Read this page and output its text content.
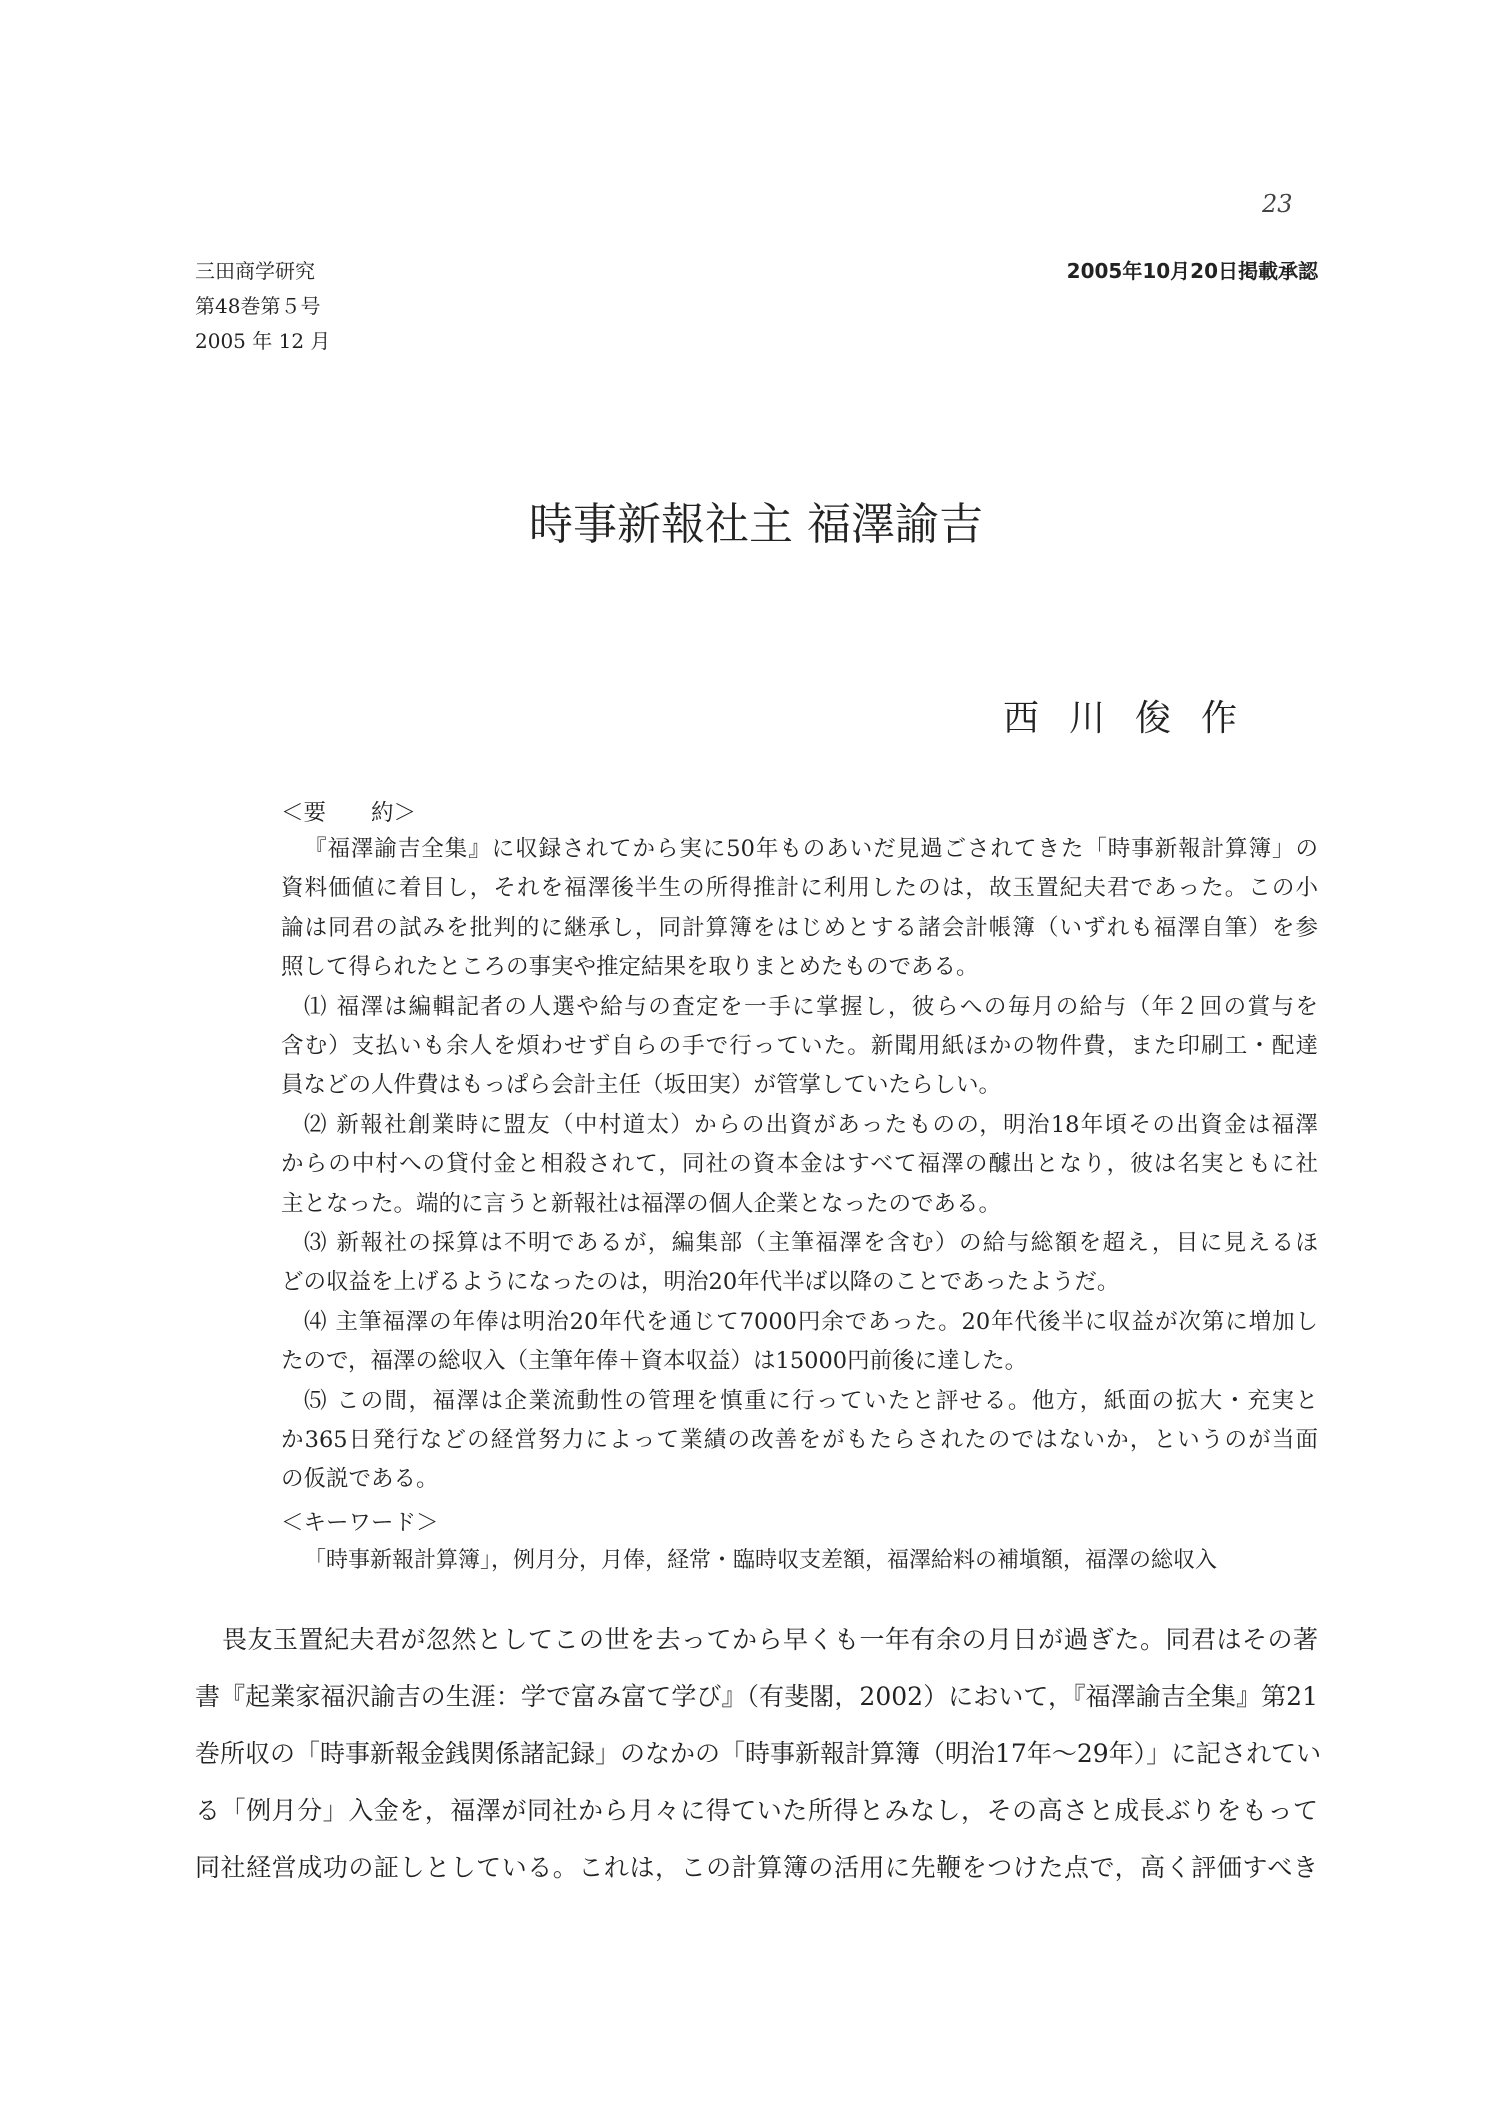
23
三田商学研究
第48巻第５号
2005 年 12 月
2005年10月20日掲載承認
時事新報社主 福澤諭吉
西川俊作
＜要　　約＞
『福澤諭吉全集』に収録されてから実に50年ものあいだ見過ごされてきた「時事新報計算簿」の
資料価値に着目し，それを福澤後半生の所得推計に利用したのは，故玉置紀夫君であった。この小
論は同君の試みを批判的に継承し，同計算簿をはじめとする諸会計帳簿（いずれも福澤自筆）を参
照して得られたところの事実や推定結果を取りまとめたものである。
⑴ 福澤は編輯記者の人選や給与の査定を一手に掌握し，彼らへの毎月の給与（年２回の賞与を
含む）支払いも余人を煩わせず自らの手で行っていた。新聞用紙ほかの物件費，また印刷工・配達
員などの人件費はもっぱら会計主任（坂田実）が管掌していたらしい。
⑵ 新報社創業時に盟友（中村道太）からの出資があったものの，明治18年頃その出資金は福澤
からの中村への貸付金と相殺されて，同社の資本金はすべて福澤の醵出となり，彼は名実ともに社
主となった。端的に言うと新報社は福澤の個人企業となったのである。
⑶ 新報社の採算は不明であるが，編集部（主筆福澤を含む）の給与総額を超え，目に見えるほ
どの収益を上げるようになったのは，明治20年代半ば以降のことであったようだ。
⑷ 主筆福澤の年俸は明治20年代を通じて7000円余であった。20年代後半に収益が次第に増加し
たので，福澤の総収入（主筆年俸＋資本収益）は15000円前後に達した。
⑸ この間，福澤は企業流動性の管理を慎重に行っていたと評せる。他方，紙面の拡大・充実と
か365日発行などの経営努力によって業績の改善をがもたらされたのではないか，というのが当面
の仮説である。
＜キーワード＞
「時事新報計算簿」，例月分，月俸，経常・臨時収支差額，福澤給料の補塡額，福澤の総収入
畏友玉置紀夫君が忽然としてこの世を去ってから早くも一年有余の月日が過ぎた。同君はその著
書『起業家福沢諭吉の生涯：学で富み富て学び』（有斐閣，2002）において，『福澤諭吉全集』第21
巻所収の「時事新報金銭関係諸記録」のなかの「時事新報計算簿（明治17年～29年）」に記されてい
る「例月分」入金を，福澤が同社から月々に得ていた所得とみなし，その高さと成長ぶりをもって
同社経営成功の証しとしている。これは，この計算簿の活用に先鞭をつけた点で，高く評価すべき
